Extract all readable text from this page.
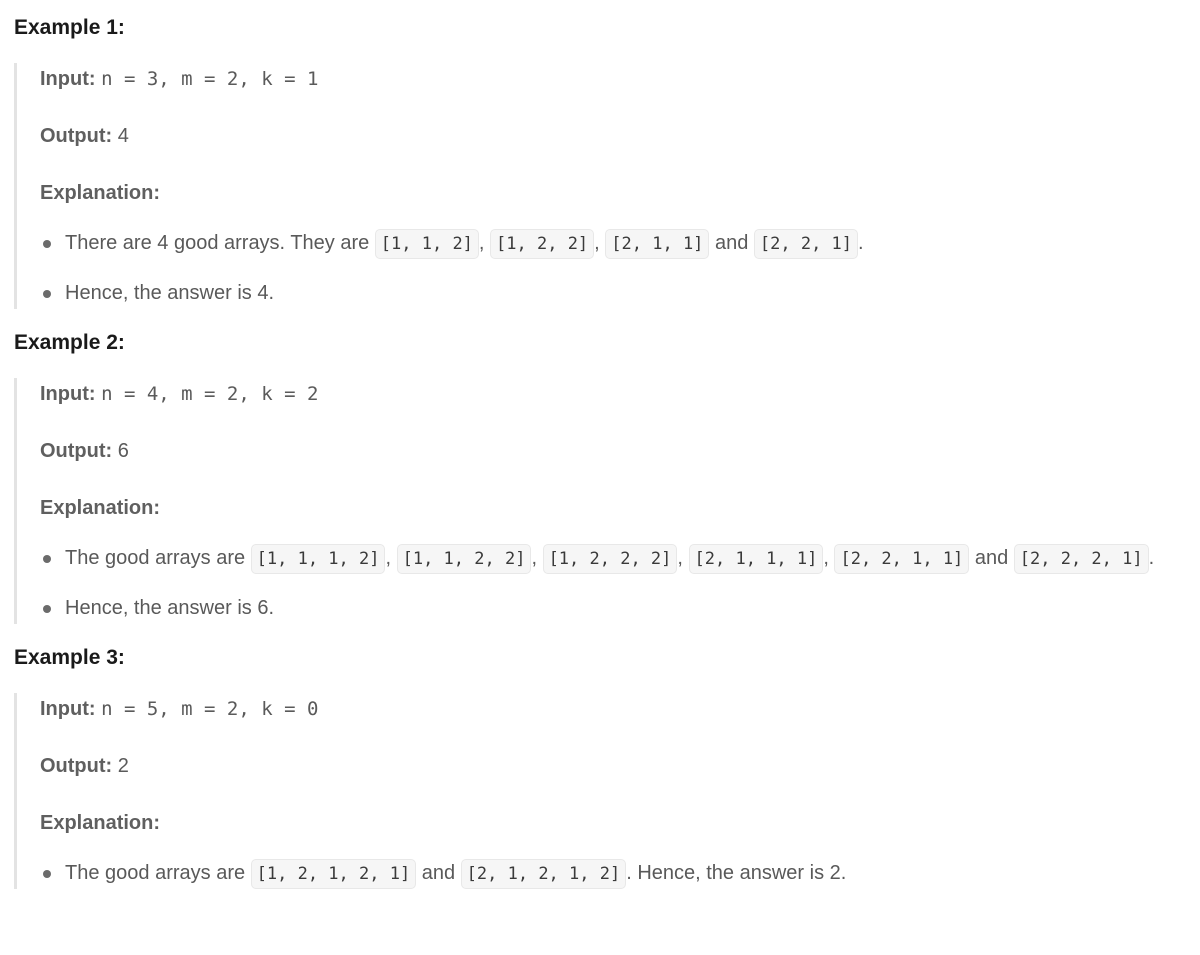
Example 1:

Input: n = 3, m = 2, k = 1

Output: 4

Explanation:

There are 4 good arrays. They are [1, 1, 2] , [1, 2, 2] , [2, 1, 1] and [2, 2, 1] .
Hence, the answer is 4.
Example 2:

Input: n = 4, m = 2, k = 2

Output: 6

Explanation:

The good arrays are [1, 1, 1, 2] , [1, 1, 2, 2] , [1, 2, 2, 2] , [2, 1, 1, 1] , [2, 2, 1, 1] and [2, 2, 2, 1] .
Hence, the answer is 6.
Example 3:

Input: n = 5, m = 2, k = 0

Output: 2

Explanation:

The good arrays are [1, 2, 1, 2, 1] and [2, 1, 2, 1, 2] . Hence, the answer is 2.
